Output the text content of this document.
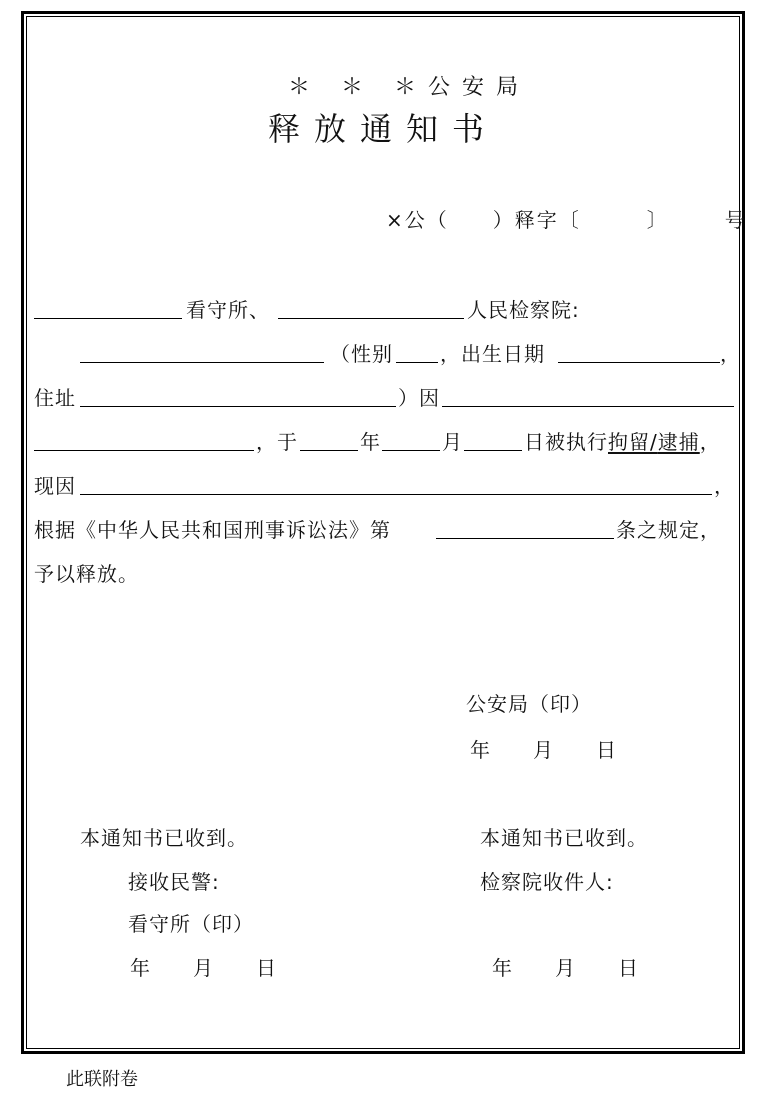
＊ ＊ ＊公安局
释放通知书
×公（　　）释字〔　　　〕　　　号
看守所、	人民检察院:
（性别 ，出生日期	，
住址	）因
，于	年	月	日被执行拘留/逮捕，
现因	，
根据《中华人民共和国刑事诉讼法》第	条之规定，
予以释放。
公安局（印）
年　　月　　日
本通知书已收到。
接收民警:
看守所（印）
年　　月　　日
本通知书已收到。
检察院收件人:
年　　月　　日
此联附卷
